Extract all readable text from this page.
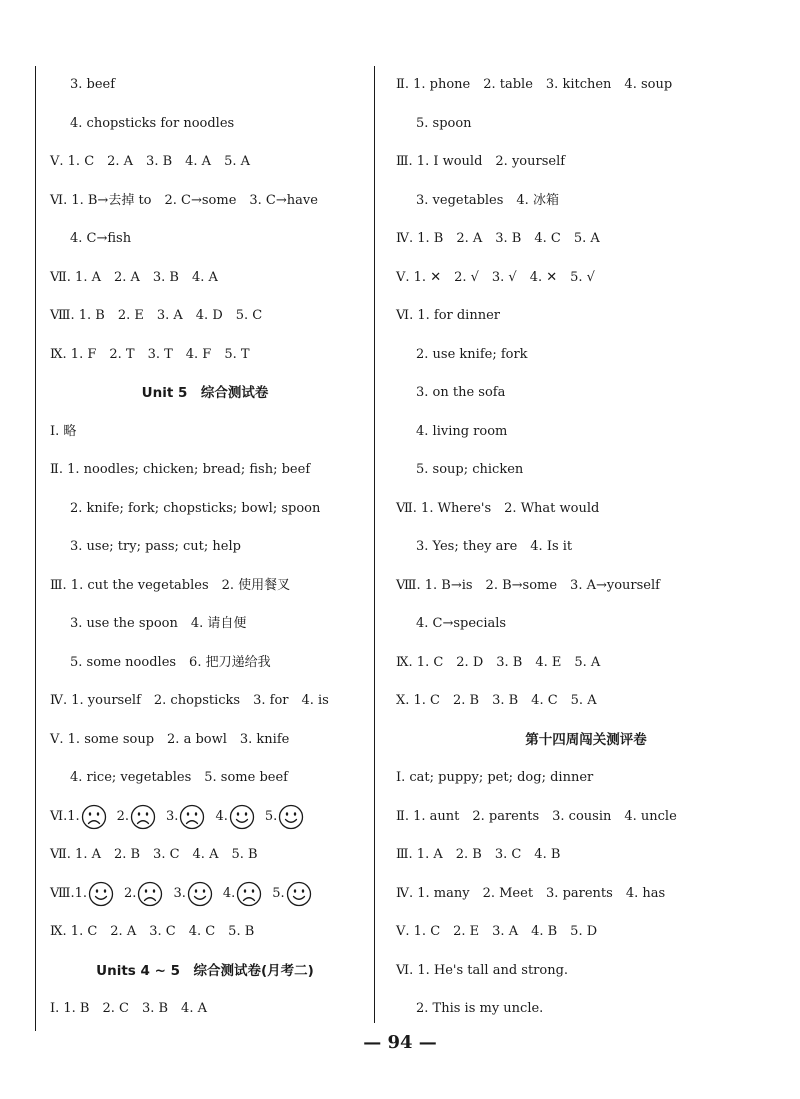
3. beef
4. chopsticks for noodles
Ⅴ. 1. C　2. A　3. B　4. A　5. A
Ⅵ. 1. B→去掉 to　2. C→some　3. C→have
4. C→fish
Ⅶ. 1. A　2. A　3. B　4. A
Ⅷ. 1. B　2. E　3. A　4. D　5. C
Ⅸ. 1. F　2. T　3. T　4. F　5. T
Unit 5　综合测试卷
Ⅰ. 略
Ⅱ. 1. noodles; chicken; bread; fish; beef
2. knife; fork; chopsticks; bowl; spoon
3. use; try; pass; cut; help
Ⅲ. 1. cut the vegetables　2. 使用餐叉
3. use the spoon　4. 请自便
5. some noodles　6. 把刀递给我
Ⅳ. 1. yourself　2. chopsticks　3. for　4. is
Ⅴ. 1. some soup　2. a bowl　3. knife
4. rice; vegetables　5. some beef
Ⅵ. 1.	2.	3.	4.	5.
Ⅶ. 1. A　2. B　3. C　4. A　5. B
Ⅷ. 1.	2.	3.	4.	5.
Ⅸ. 1. C　2. A　3. C　4. C　5. B
Units 4 ~ 5　综合测试卷(月考二)
Ⅰ. 1. B　2. C　3. B　4. A
Ⅱ. 1. phone　2. table　3. kitchen　4. soup
5. spoon
Ⅲ. 1. I would　2. yourself
3. vegetables　4. 冰箱
Ⅳ. 1. B　2. A　3. B　4. C　5. A
Ⅴ. 1. ✕　2. √　3. √　4. ✕　5. √
Ⅵ. 1. for dinner
2. use knife; fork
3. on the sofa
4. living room
5. soup; chicken
Ⅶ. 1. Where's　2. What would
3. Yes; they are　4. Is it
Ⅷ. 1. B→is　2. B→some　3. A→yourself
4. C→specials
Ⅸ. 1. C　2. D　3. B　4. E　5. A
Ⅹ. 1. C　2. B　3. B　4. C　5. A
第十四周闯关测评卷
Ⅰ. cat; puppy; pet; dog; dinner
Ⅱ. 1. aunt　2. parents　3. cousin　4. uncle
Ⅲ. 1. A　2. B　3. C　4. B
Ⅳ. 1. many　2. Meet　3. parents　4. has
Ⅴ. 1. C　2. E　3. A　4. B　5. D
Ⅵ. 1. He's tall and strong.
2. This is my uncle.
— 94 —
